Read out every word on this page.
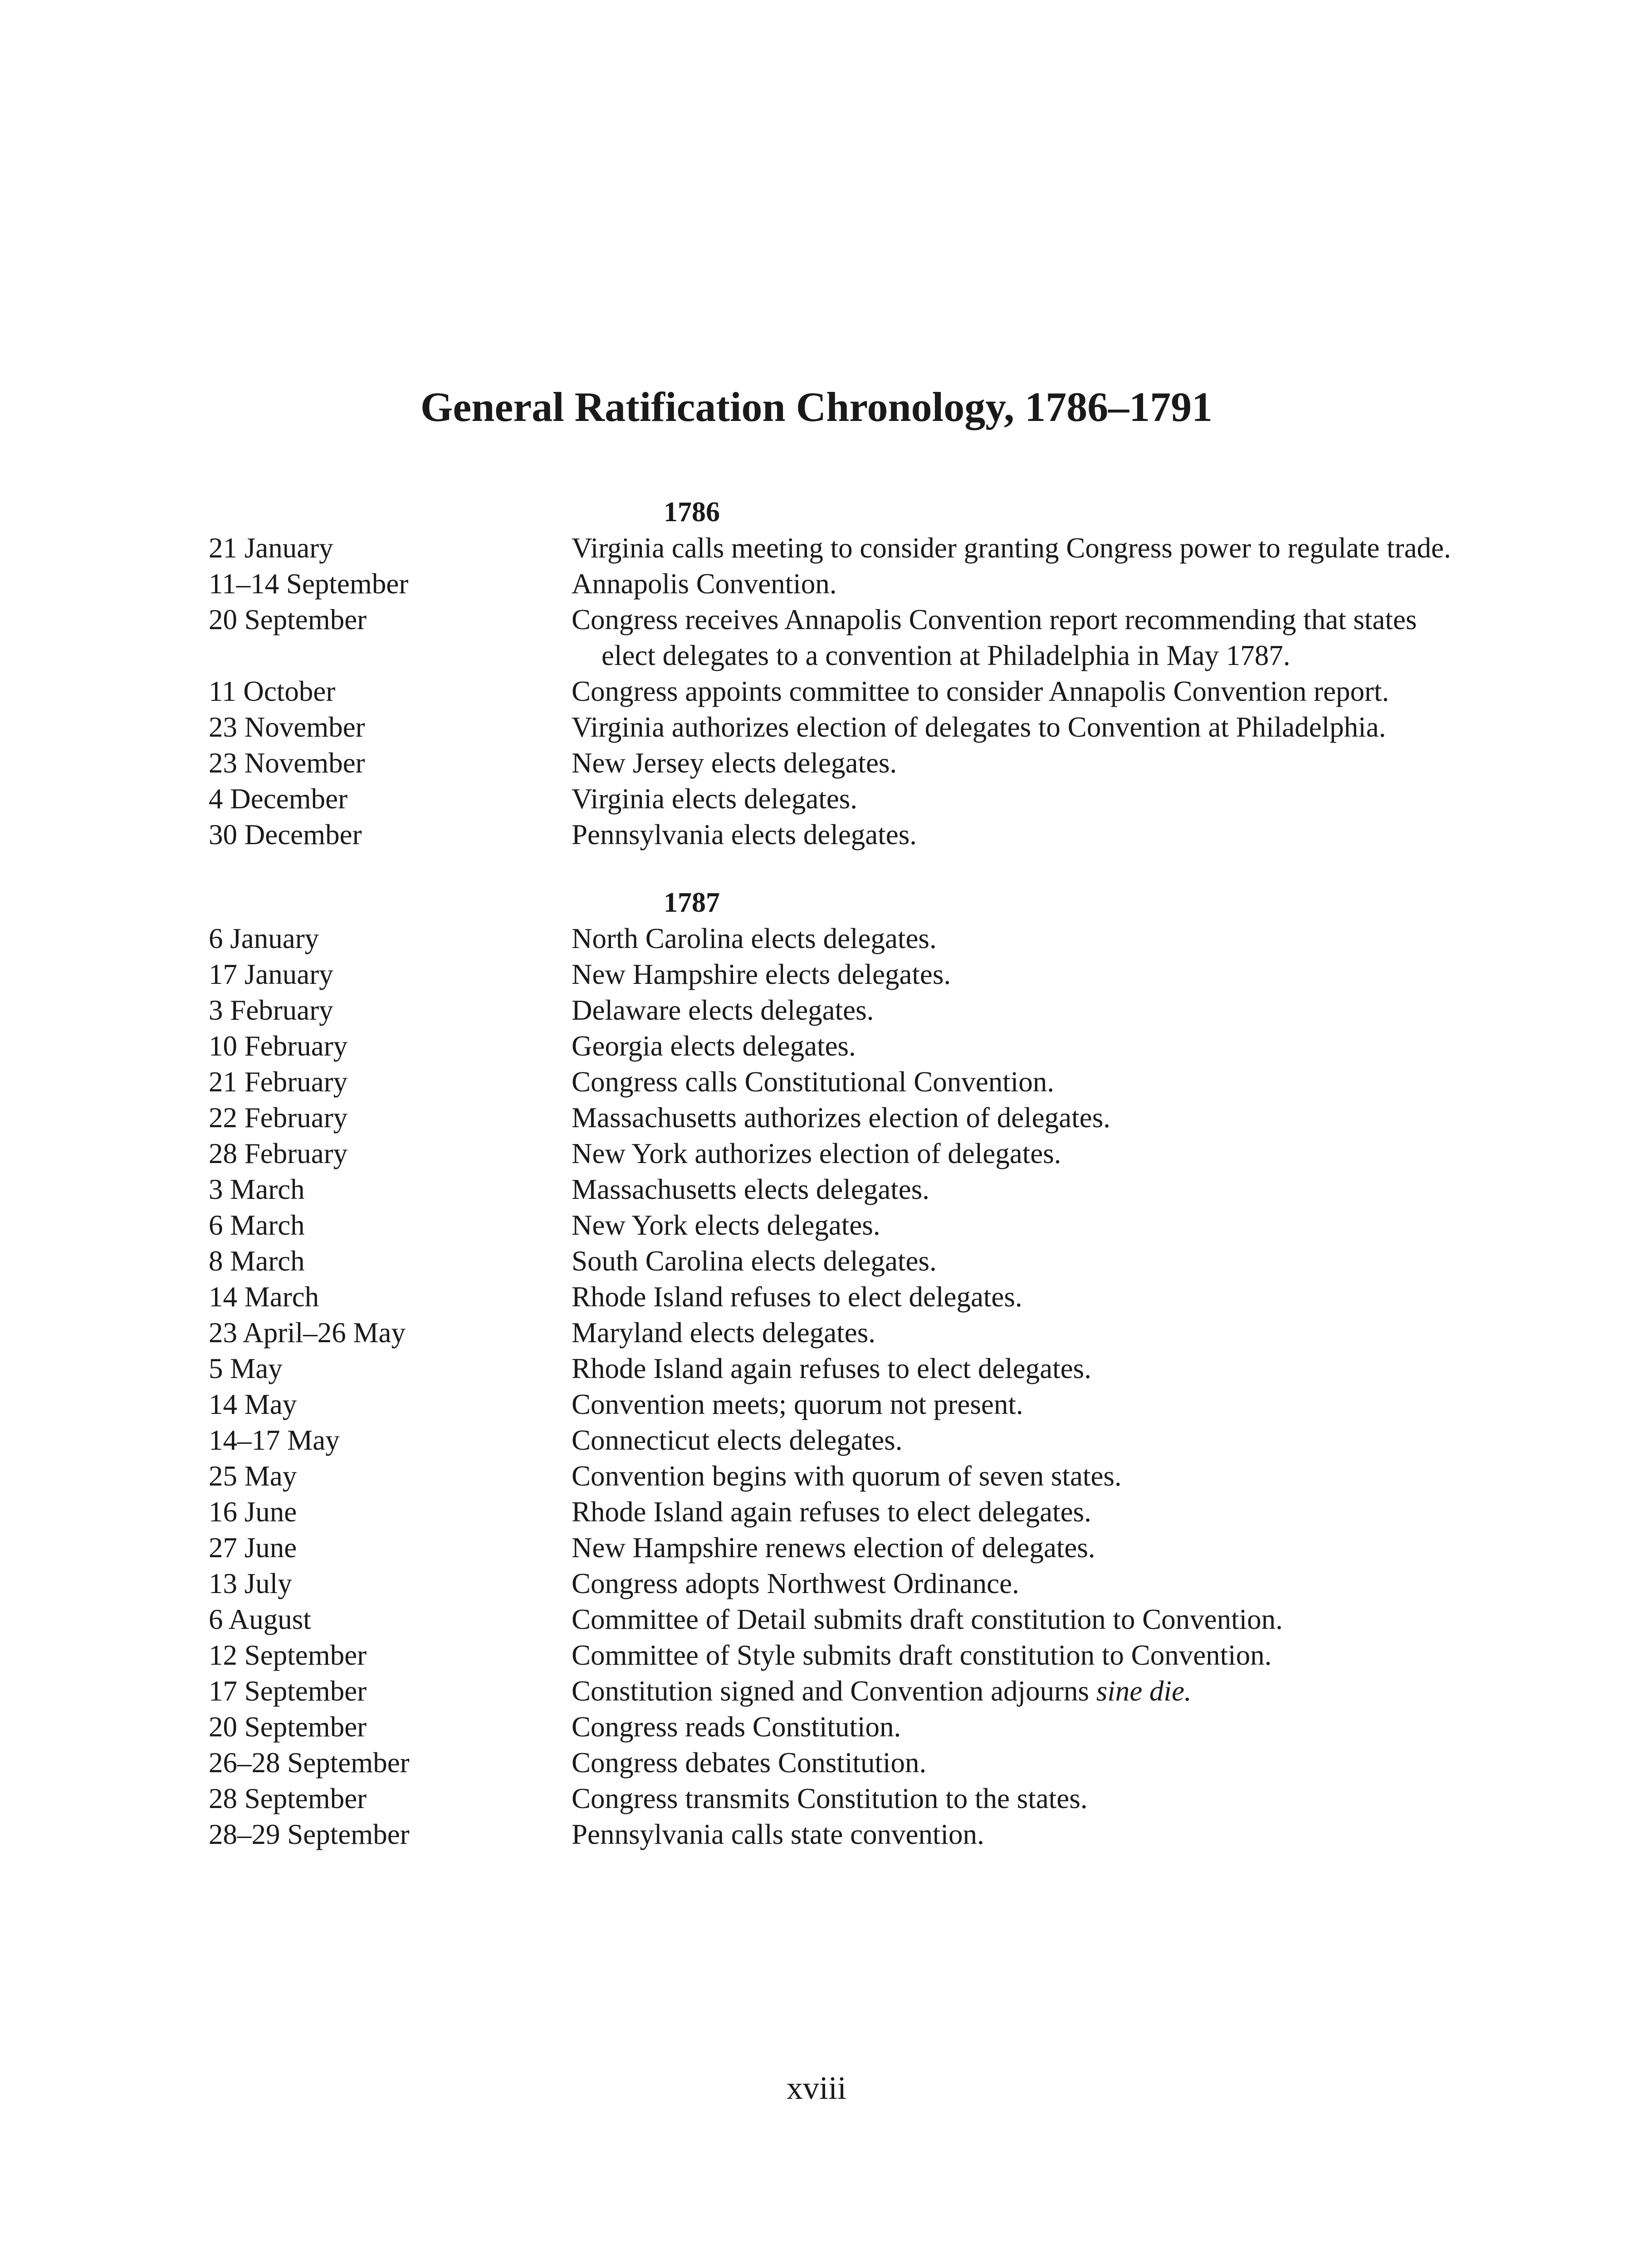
General Ratification Chronology, 1786–1791
1786
21 January	Virginia calls meeting to consider granting Congress power to regulate trade.
11–14 September	Annapolis Convention.
20 September	Congress receives Annapolis Convention report recommending that states elect delegates to a convention at Philadelphia in May 1787.
11 October	Congress appoints committee to consider Annapolis Convention report.
23 November	Virginia authorizes election of delegates to Convention at Philadelphia.
23 November	New Jersey elects delegates.
4 December	Virginia elects delegates.
30 December	Pennsylvania elects delegates.
1787
6 January	North Carolina elects delegates.
17 January	New Hampshire elects delegates.
3 February	Delaware elects delegates.
10 February	Georgia elects delegates.
21 February	Congress calls Constitutional Convention.
22 February	Massachusetts authorizes election of delegates.
28 February	New York authorizes election of delegates.
3 March	Massachusetts elects delegates.
6 March	New York elects delegates.
8 March	South Carolina elects delegates.
14 March	Rhode Island refuses to elect delegates.
23 April–26 May	Maryland elects delegates.
5 May	Rhode Island again refuses to elect delegates.
14 May	Convention meets; quorum not present.
14–17 May	Connecticut elects delegates.
25 May	Convention begins with quorum of seven states.
16 June	Rhode Island again refuses to elect delegates.
27 June	New Hampshire renews election of delegates.
13 July	Congress adopts Northwest Ordinance.
6 August	Committee of Detail submits draft constitution to Convention.
12 September	Committee of Style submits draft constitution to Convention.
17 September	Constitution signed and Convention adjourns sine die.
20 September	Congress reads Constitution.
26–28 September	Congress debates Constitution.
28 September	Congress transmits Constitution to the states.
28–29 September	Pennsylvania calls state convention.
xviii
